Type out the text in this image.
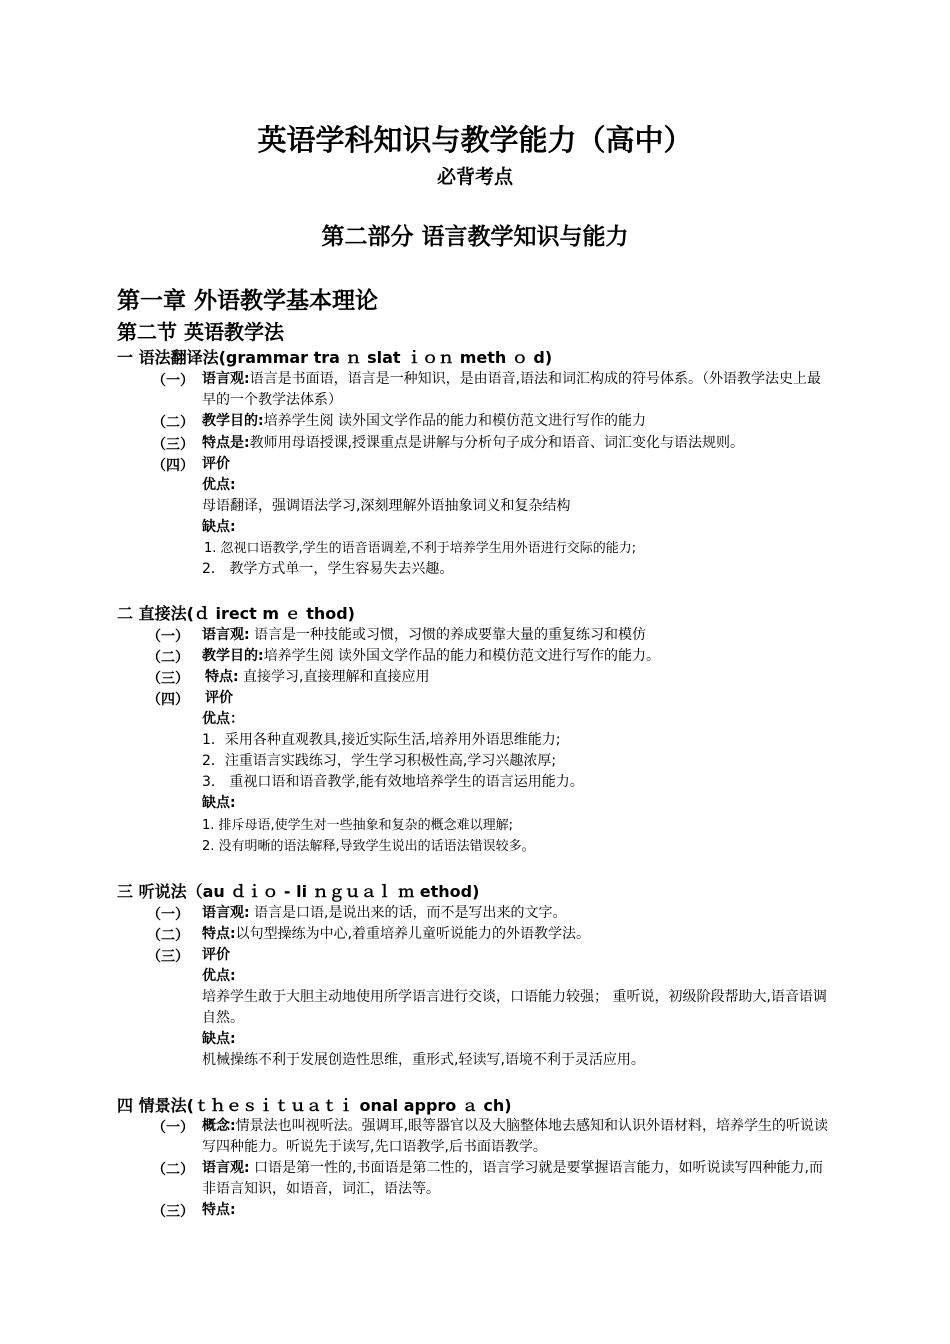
英语学科知识与教学能力（高中）
必背考点
第二部分 语言教学知识与能力
第一章 外语教学基本理论
第二节 英语教学法
一 语法翻译法(grammar tra ｎ slat ｉｏｎ meth ｏ d)
（一） 语言观:语言是书面语，语言是一种知识，是由语音,语法和词汇构成的符号体系。（外语教学法史上最早的一个教学法体系）
（二） 教学目的:培养学生阅 读外国文学作品的能力和模仿范文进行写作的能力
（三） 特点是:教师用母语授课,授课重点是讲解与分析句子成分和语音、词汇变化与语法规则。
（四） 评价
优点:
母语翻译，强调语法学习,深刻理解外语抽象词义和复杂结构
缺点:
1. 忽视口语教学,学生的语音语调差,不利于培养学生用外语进行交际的能力;
2． 教学方式单一，学生容易失去兴趣。
二 直接法(ｄ irect m ｅ thod)
（一） 语言观: 语言是一种技能或习惯，习惯的养成要靠大量的重复练习和模仿
（二） 教学目的:培养学生阅 读外国文学作品的能力和模仿范文进行写作的能力。
（三） 特点: 直接学习,直接理解和直接应用
（四） 评价
优点：
1．采用各种直观教具,接近实际生活,培养用外语思维能力;
2．注重语言实践练习，学生学习积极性高,学习兴趣浓厚;
3． 重视口语和语音教学,能有效地培养学生的语言运用能力。
缺点:
1. 排斥母语,使学生对一些抽象和复杂的概念难以理解;
2. 没有明晰的语法解释,导致学生说出的话语法错误较多。
三 听说法（au ｄｉｏ - li ｎｇｕａｌ ｍ ethod)
（一） 语言观: 语言是口语,是说出来的话，而不是写出来的文字。
（二） 特点:以句型操练为中心,着重培养儿童听说能力的外语教学法。
（三） 评价
优点:
培养学生敢于大胆主动地使用所学语言进行交谈，口语能力较强； 重听说，初级阶段帮助大,语音语调自然。
缺点:
机械操练不利于发展创造性思维，重形式,轻读写,语境不利于灵活应用。
四 情景法(ｔｈｅｓｉｔｕａｔｉ onal appro ａ ch)
（一） 概念:情景法也叫视听法。强调耳,眼等器官以及大脑整体地去感知和认识外语材料，培养学生的听说读写四种能力。听说先于读写,先口语教学,后书面语教学。
（二） 语言观: 口语是第一性的,书面语是第二性的，语言学习就是要掌握语言能力，如听说读写四种能力,而非语言知识，如语音，词汇，语法等。
（三） 特点:
